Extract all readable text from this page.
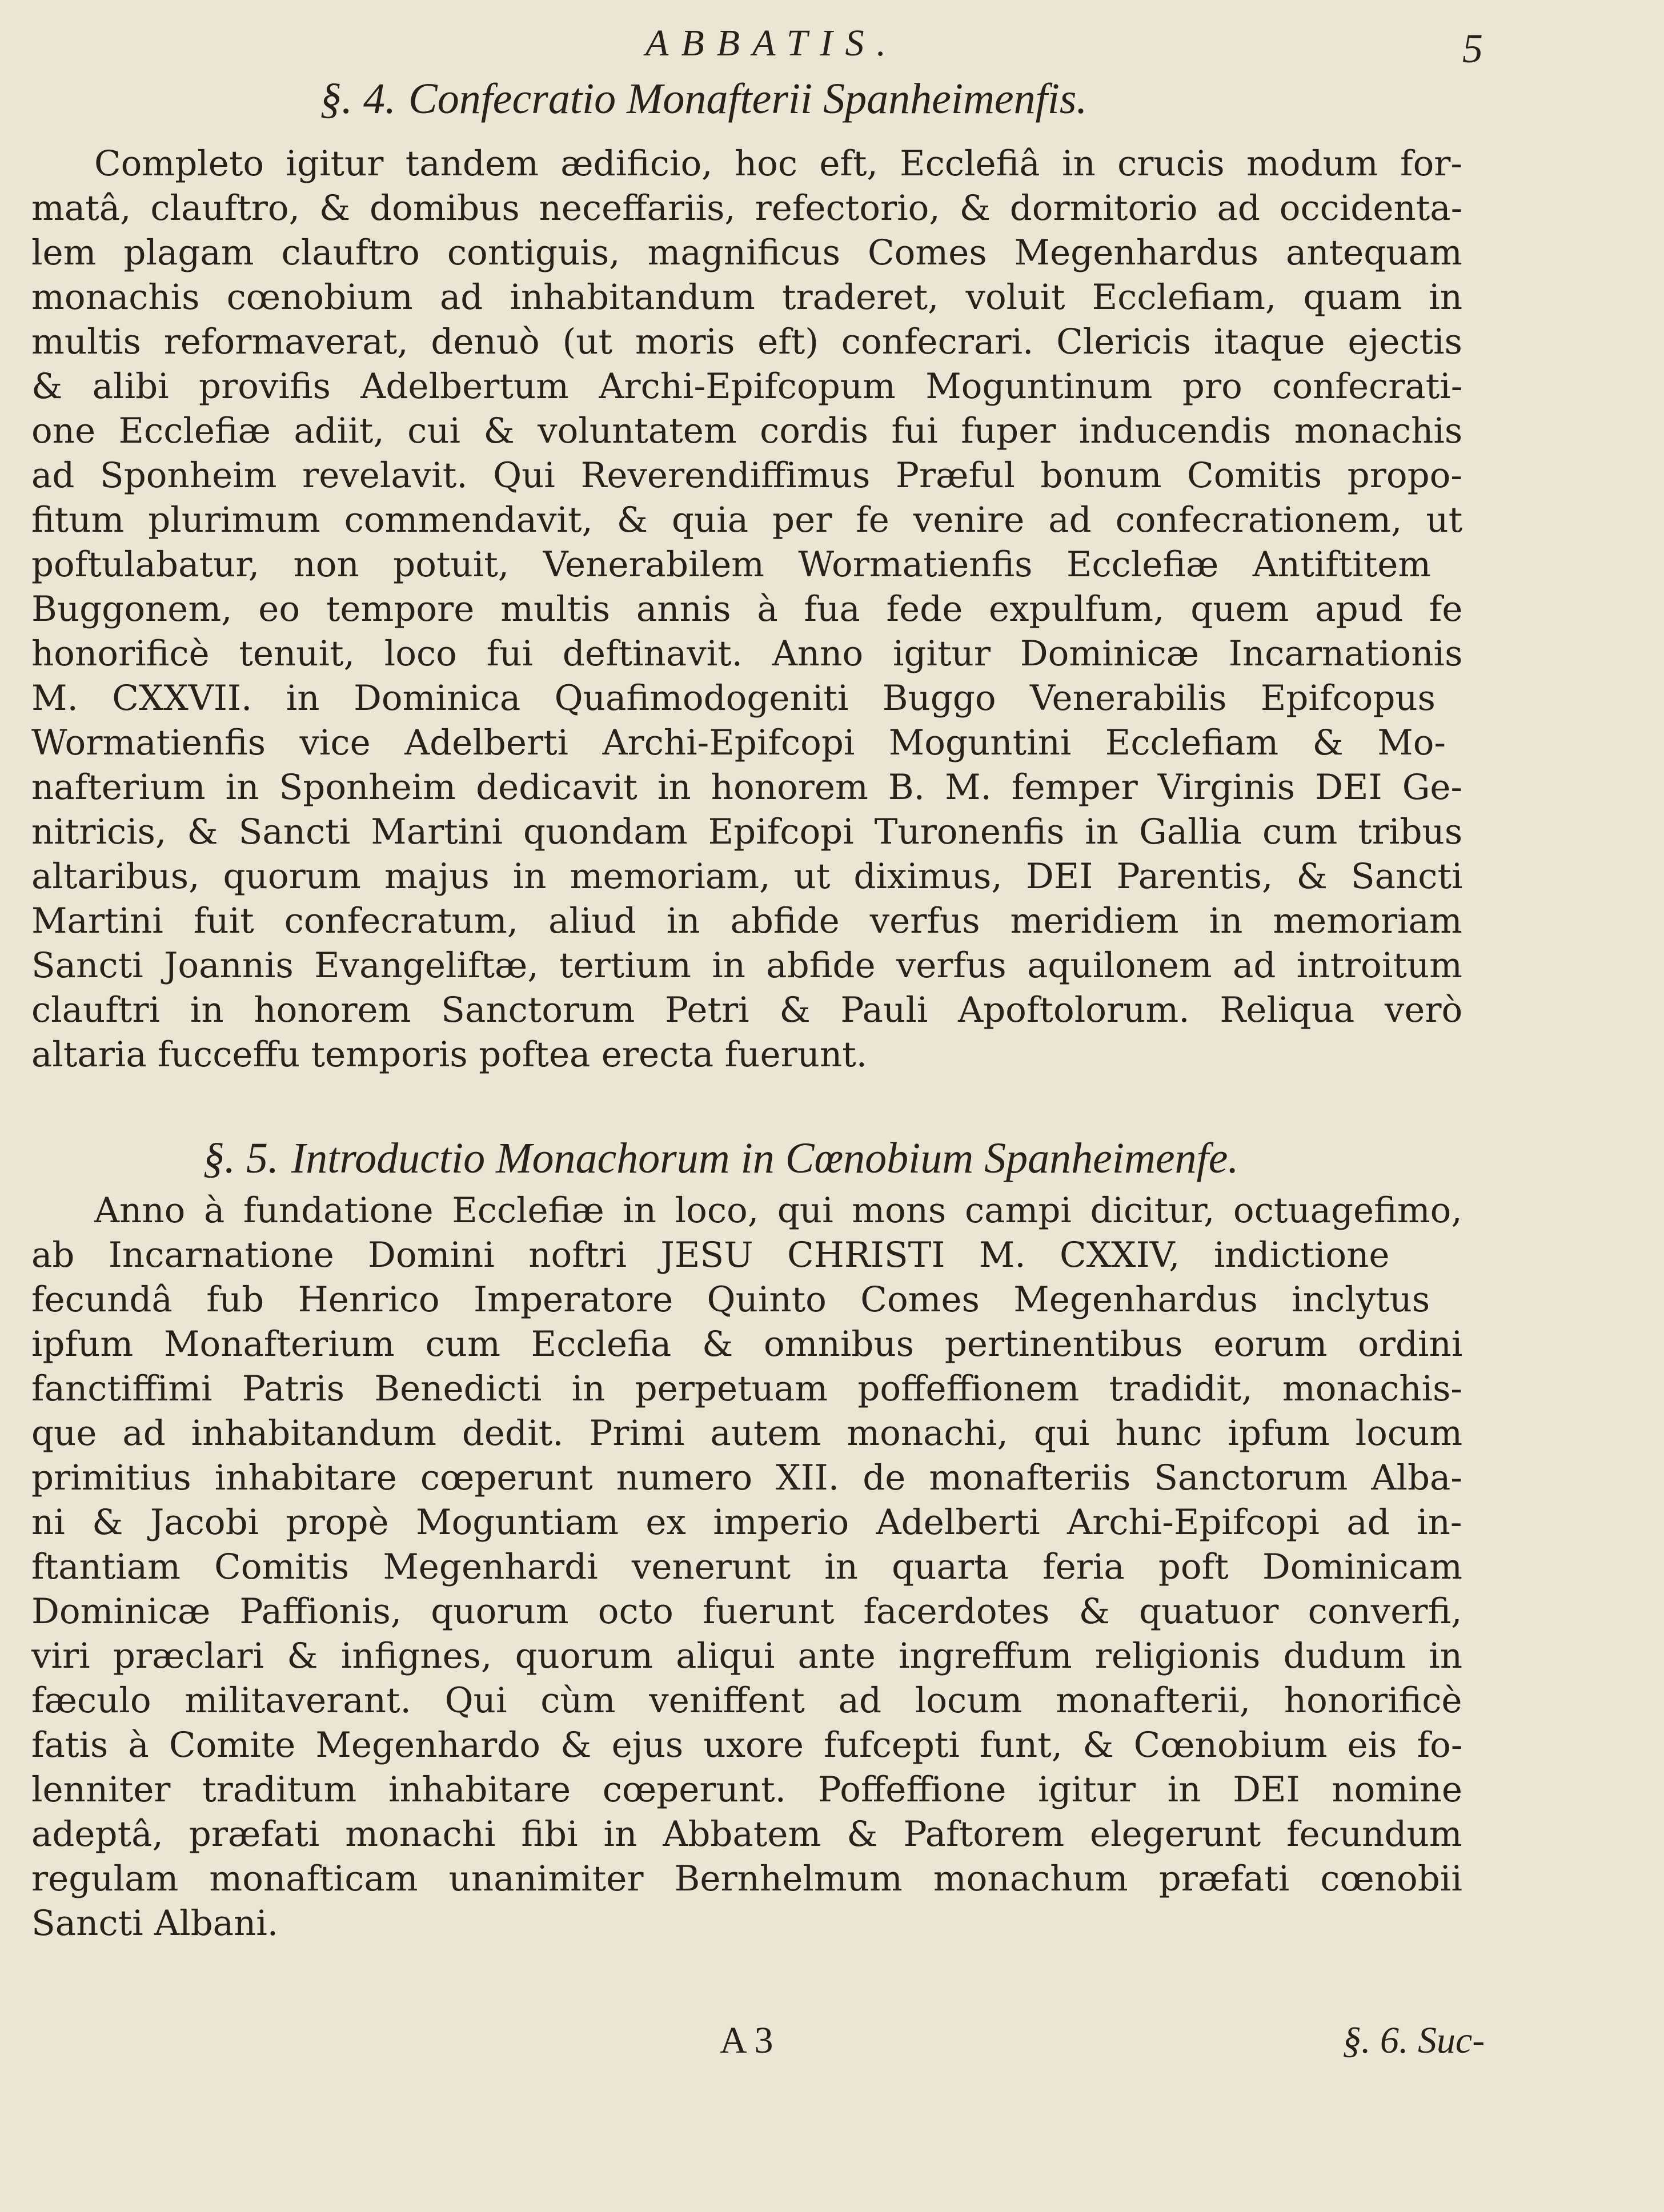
ABBATIS.	5
§. 4. Confecratio Monafterii Spanheimenfis.
Completo igitur tandem ædificio, hoc eft, Ecclefiâ in crucis modum for-
matâ, clauftro, & domibus neceffariis, refectorio, & dormitorio ad occidenta-
lem plagam clauftro contiguis, magnificus Comes Megenhardus antequam
monachis cœnobium ad inhabitandum traderet, voluit Ecclefiam, quam in
multis reformaverat, denuò (ut moris eft) confecrari. Clericis itaque ejectis
& alibi provifis Adelbertum Archi-Epifcopum Moguntinum pro confecrati-
one Ecclefiæ adiit, cui & voluntatem cordis fui fuper inducendis monachis
ad Sponheim revelavit. Qui Reverendiffimus Præful bonum Comitis propo-
fitum plurimum commendavit, & quia per fe venire ad confecrationem, ut
poftulabatur, non potuit, Venerabilem Wormatienfis Ecclefiæ Antiftitem
Buggonem, eo tempore multis annis à fua fede expulfum, quem apud fe
honorificè tenuit, loco fui deftinavit. Anno igitur Dominicæ Incarnationis
M. CXXVII. in Dominica Quafimodogeniti Buggo Venerabilis Epifcopus
Wormatienfis vice Adelberti Archi-Epifcopi Moguntini Ecclefiam & Mo-
nafterium in Sponheim dedicavit in honorem B. M. femper Virginis DEI Ge-
nitricis, & Sancti Martini quondam Epifcopi Turonenfis in Gallia cum tribus
altaribus, quorum majus in memoriam, ut diximus, DEI Parentis, & Sancti
Martini fuit confecratum, aliud in abfide verfus meridiem in memoriam
Sancti Joannis Evangeliftæ, tertium in abfide verfus aquilonem ad introitum
clauftri in honorem Sanctorum Petri & Pauli Apoftolorum. Reliqua verò
altaria fucceffu temporis poftea erecta fuerunt.
§. 5. Introductio Monachorum in Cœnobium Spanheimenfe.
Anno à fundatione Ecclefiæ in loco, qui mons campi dicitur, octuagefimo,
ab Incarnatione Domini noftri JESU CHRISTI M. CXXIV, indictione
fecundâ fub Henrico Imperatore Quinto Comes Megenhardus inclytus
ipfum Monafterium cum Ecclefia & omnibus pertinentibus eorum ordini
fanctiffimi Patris Benedicti in perpetuam poffeffionem tradidit, monachis-
que ad inhabitandum dedit. Primi autem monachi, qui hunc ipfum locum
primitius inhabitare cœperunt numero XII. de monafteriis Sanctorum Alba-
ni & Jacobi propè Moguntiam ex imperio Adelberti Archi-Epifcopi ad in-
ftantiam Comitis Megenhardi venerunt in quarta feria poft Dominicam
Dominicæ Paffionis, quorum octo fuerunt facerdotes & quatuor converfi,
viri præclari & infignes, quorum aliqui ante ingreffum religionis dudum in
fæculo militaverant. Qui cùm veniffent ad locum monafterii, honorificè
fatis à Comite Megenhardo & ejus uxore fufcepti funt, & Cœnobium eis fo-
lenniter traditum inhabitare cœperunt. Poffeffione igitur in DEI nomine
adeptâ, præfati monachi fibi in Abbatem & Paftorem elegerunt fecundum
regulam monafticam unanimiter Bernhelmum monachum præfati cœnobii
Sancti Albani.
A 3	§. 6. Suc-
